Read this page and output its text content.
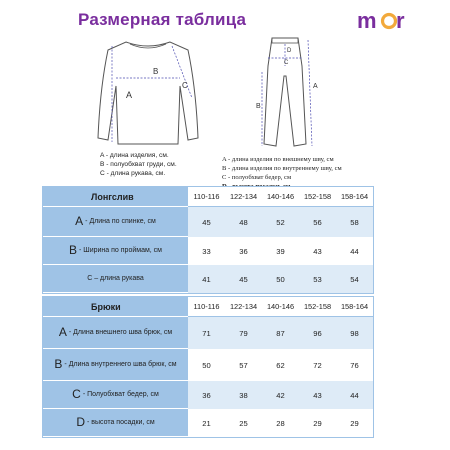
Размерная таблица	m r
B
A
C
A - длина изделия, см.
B - полуобхват груди, см.
C - длина рукава, см.
C
D
B
A
A - длина изделия по внешнему шву, см
B - длина изделия по внутреннему шву, см
C - полуобхват бедер, см
Лонгслив	110-116	122-134	140-146	152-158	158-164
A - Длина по спинке, см	45	48	52	56	58
B - Ширина по проймам, см	33	36	39	43	44
C – длина рукава	41	45	50	53	54
Брюки	110-116	122-134	140-146	152-158	158-164
A - Длина внешнего шва брюк, см	71	79	87	96	98
B - Длина внутреннего шва брюк, см	50	57	62	72	76
C - Полуобхват бедер, см	36	38	42	43	44
D - высота посадки, см	21	25	28	29	29
